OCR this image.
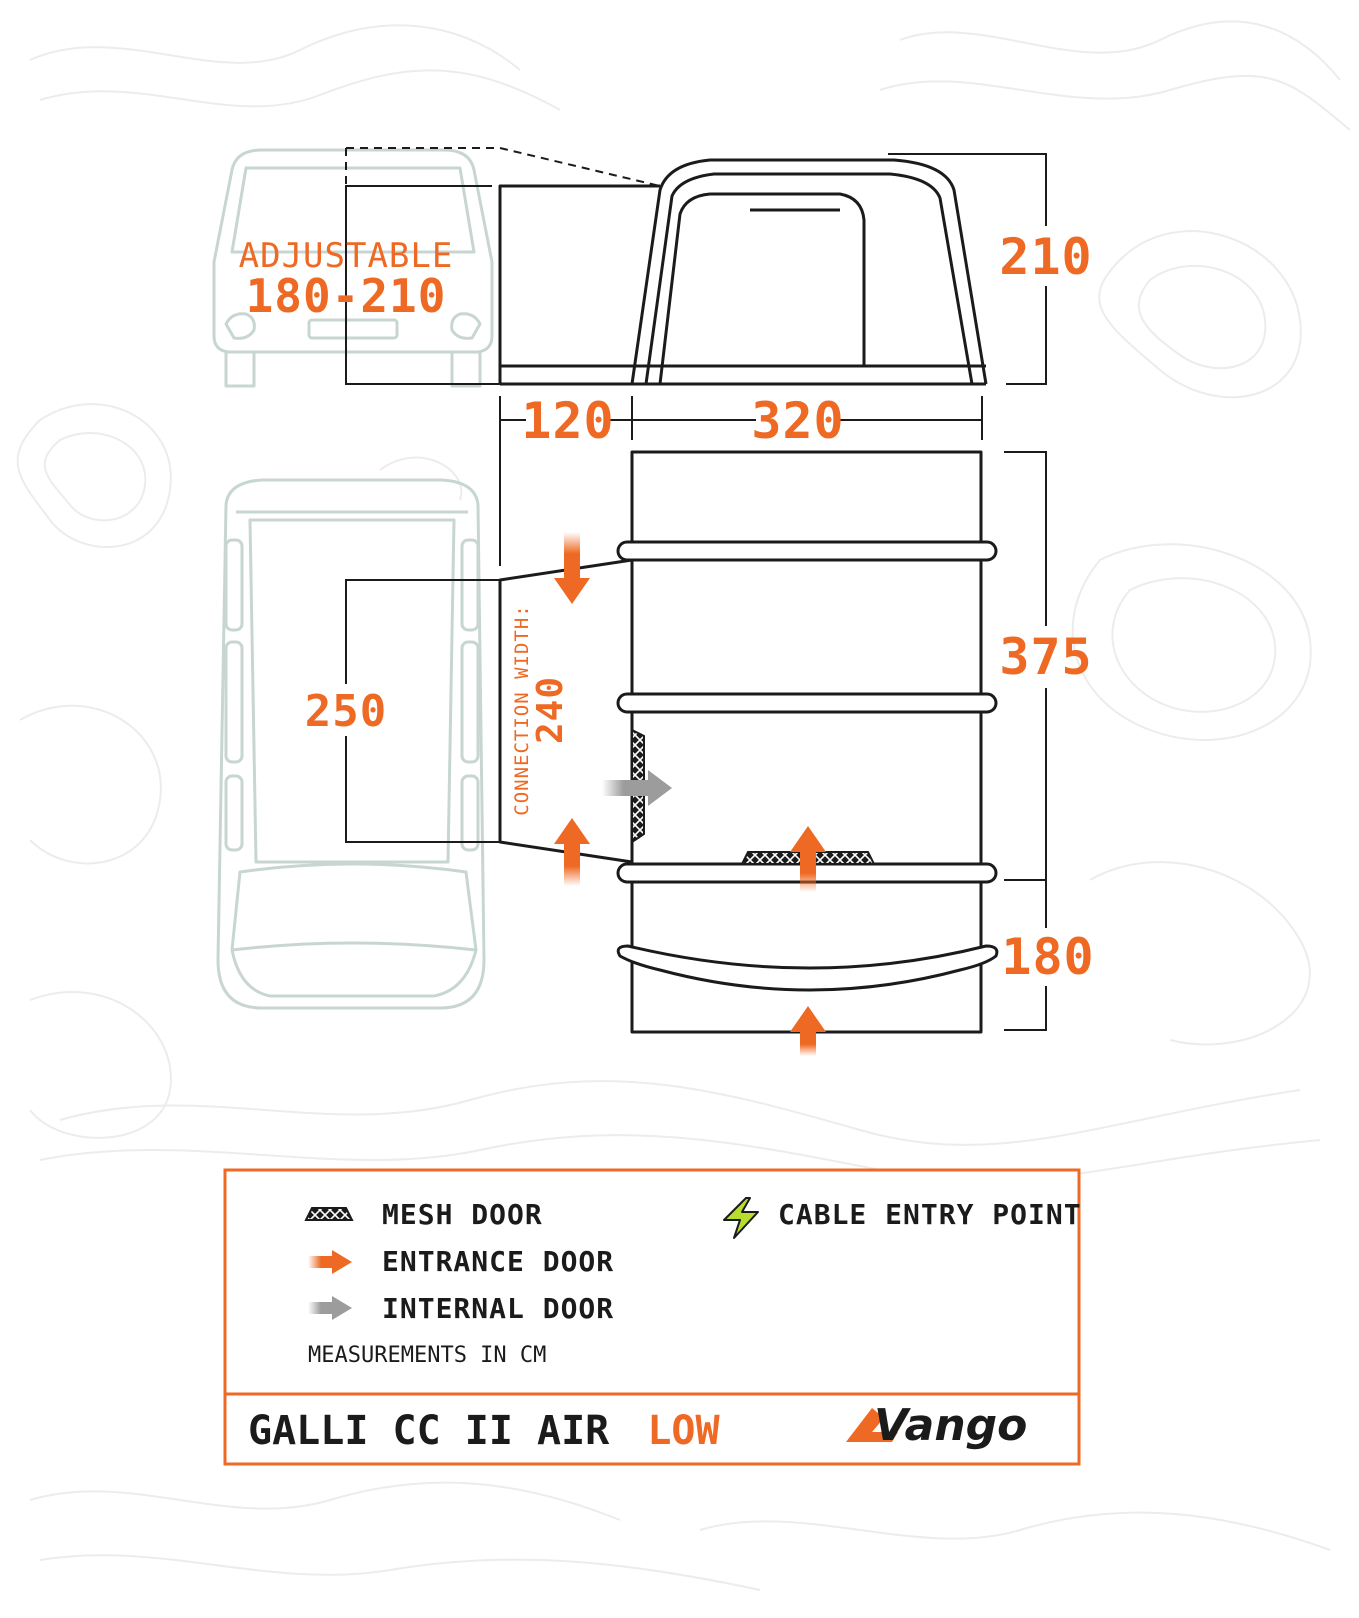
ADJUSTABLE
180-210
210
120	320
375
180
250	CONNECTION WIDTH:
240
MESH DOOR
ENTRANCE DOOR
INTERNAL DOOR
CABLE ENTRY POINT
MEASUREMENTS IN CM
GALLI CC II AIR LOW	Vango
